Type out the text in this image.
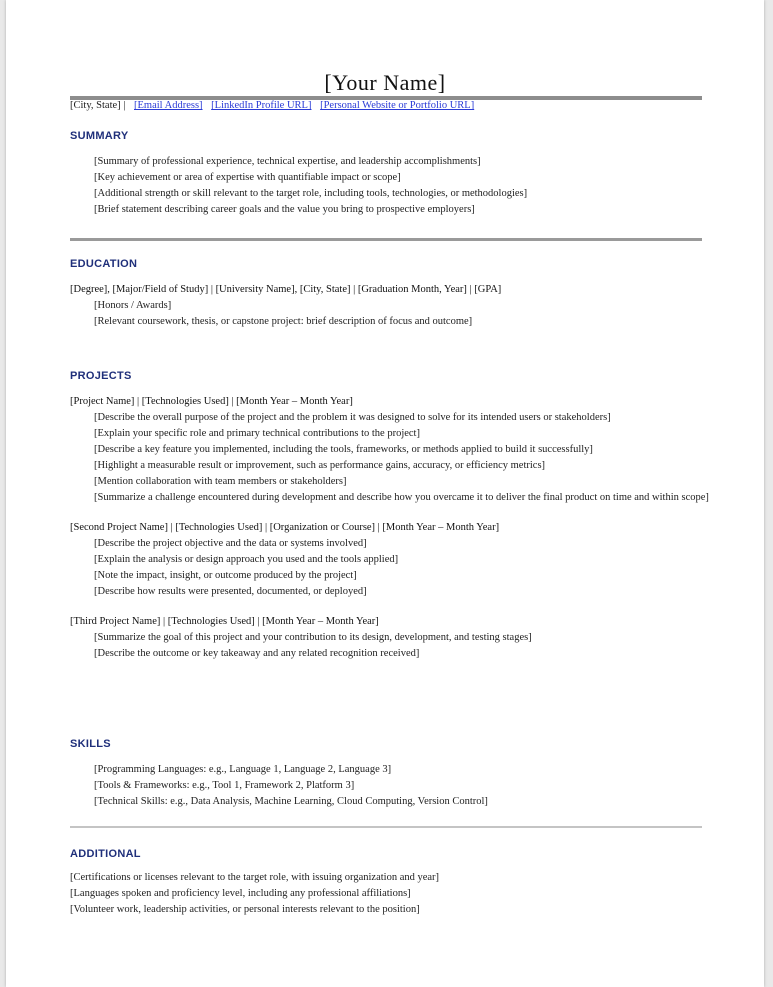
[Your Name]
[City, State] | [Email Address] [LinkedIn Profile URL] [Personal Website or Portfolio URL]

SUMMARY

• [Summary of professional experience, technical expertise, and leadership accomplishments]
• [Key achievement or area of expertise with quantifiable impact or scope]
• [Additional strength or skill relevant to the target role, including tools, technologies, or methodologies]
• [Brief statement describing career goals and the value you bring to prospective employers]

EDUCATION

[Degree], [Major/Field of Study] | [University Name], [City, State] | [Graduation Month, Year] | [GPA]

• [Honors / Awards]
• [Relevant coursework, thesis, or capstone project: brief description of focus and outcome]

PROJECTS

[Project Name] | [Technologies Used] | [Month Year – Month Year]

• [Describe the overall purpose of the project and the problem it was designed to solve for its intended users or stakeholders]
• [Explain your specific role and primary technical contributions to the project]
• [Describe a key feature you implemented, including the tools, frameworks, or methods applied to build it successfully]
• [Highlight a measurable result or improvement, such as performance gains, accuracy, or efficiency metrics]
• [Mention collaboration with team members or stakeholders]
• [Summarize a challenge encountered during development and describe how you overcame it to deliver the final product on time and within scope]

[Second Project Name] | [Technologies Used] | [Organization or Course] | [Month Year – Month Year]

• [Describe the project objective and the data or systems involved]
• [Explain the analysis or design approach you used and the tools applied]
• [Note the impact, insight, or outcome produced by the project]
• [Describe how results were presented, documented, or deployed]

[Third Project Name] | [Technologies Used] | [Month Year – Month Year]

• [Summarize the goal of this project and your contribution to its design, development, and testing stages]
• [Describe the outcome or key takeaway and any related recognition received]

SKILLS

• [Programming Languages: e.g., Language 1, Language 2, Language 3]
• [Tools & Frameworks: e.g., Tool 1, Framework 2, Platform 3]
• [Technical Skills: e.g., Data Analysis, Machine Learning, Cloud Computing, Version Control]

ADDITIONAL

[Certifications or licenses relevant to the target role, with issuing organization and year]

[Languages spoken and proficiency level, including any professional affiliations]

[Volunteer work, leadership activities, or personal interests relevant to the position]
